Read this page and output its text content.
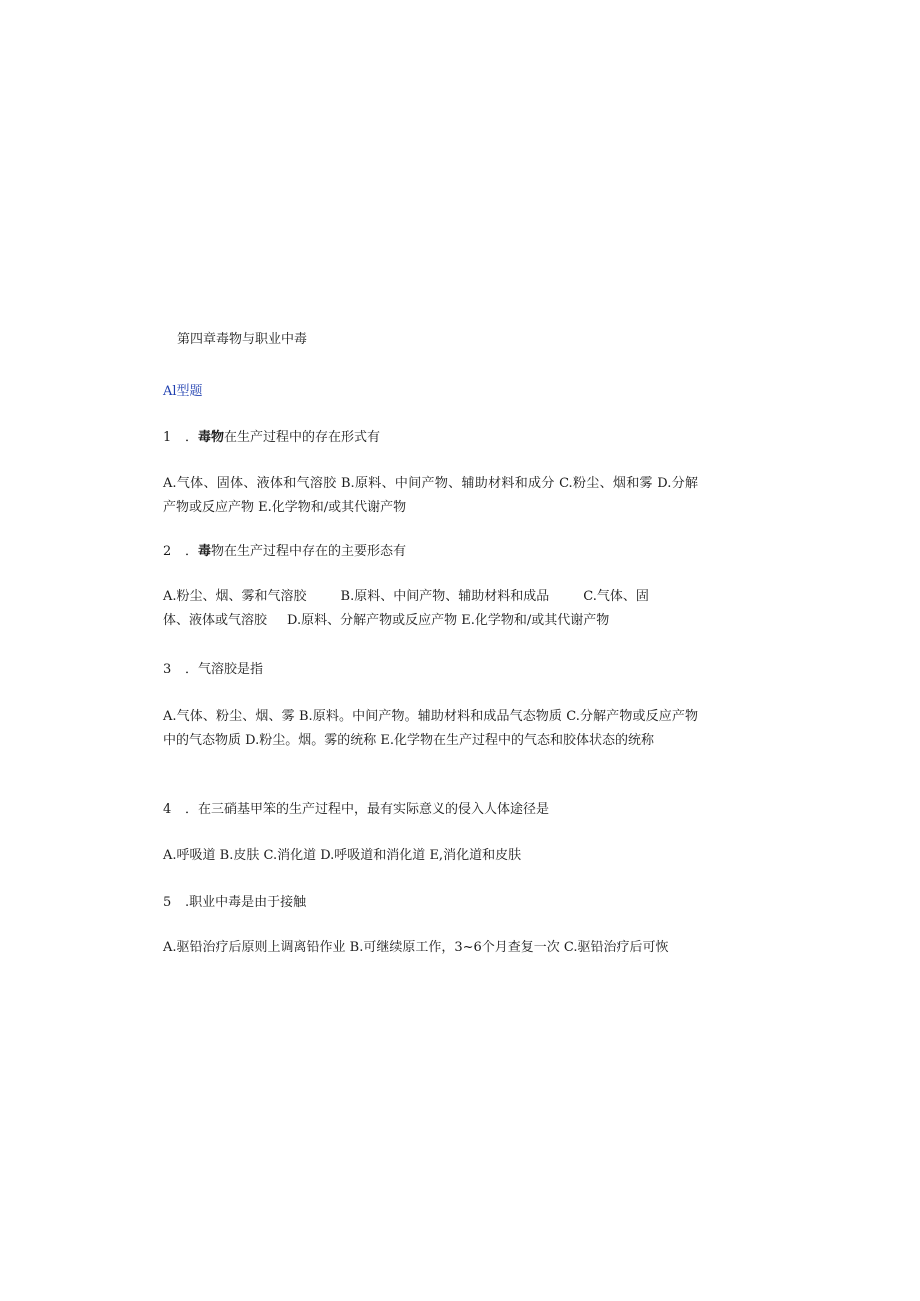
第四章毒物与职业中毒
Al型题
1 ．毒物在生产过程中的存在形式有
A.气体、固体、液体和气溶胶 B.原料、中间产物、辅助材料和成分 C.粉尘、烟和雾 D.分解产物或反应产物 E.化学物和/或其代谢产物
2 ．毒物在生产过程中存在的主要形态有
A.粉尘、烟、雾和气溶胶	B.原料、中间产物、辅助材料和成品	C.气体、固
体、液体或气溶胶 D.原料、分解产物或反应产物 E.化学物和/或其代谢产物
3 ．气溶胶是指
A.气体、粉尘、烟、雾 B.原料。中间产物。辅助材料和成品气态物质 C.分解产物或反应产物中的气态物质 D.粉尘。烟。雾的统称 E.化学物在生产过程中的气态和胶体状态的统称
4 ．在三硝基甲笨的生产过程中，最有实际意义的侵入人体途径是
A.呼吸道 B.皮肤 C.消化道 D.呼吸道和消化道 E,消化道和皮肤
5 .职业中毒是由于接触
A.驱铅治疗后原则上调离铅作业 B.可继续原工作，3~6个月查复一次 C.驱铅治疗后可恢
